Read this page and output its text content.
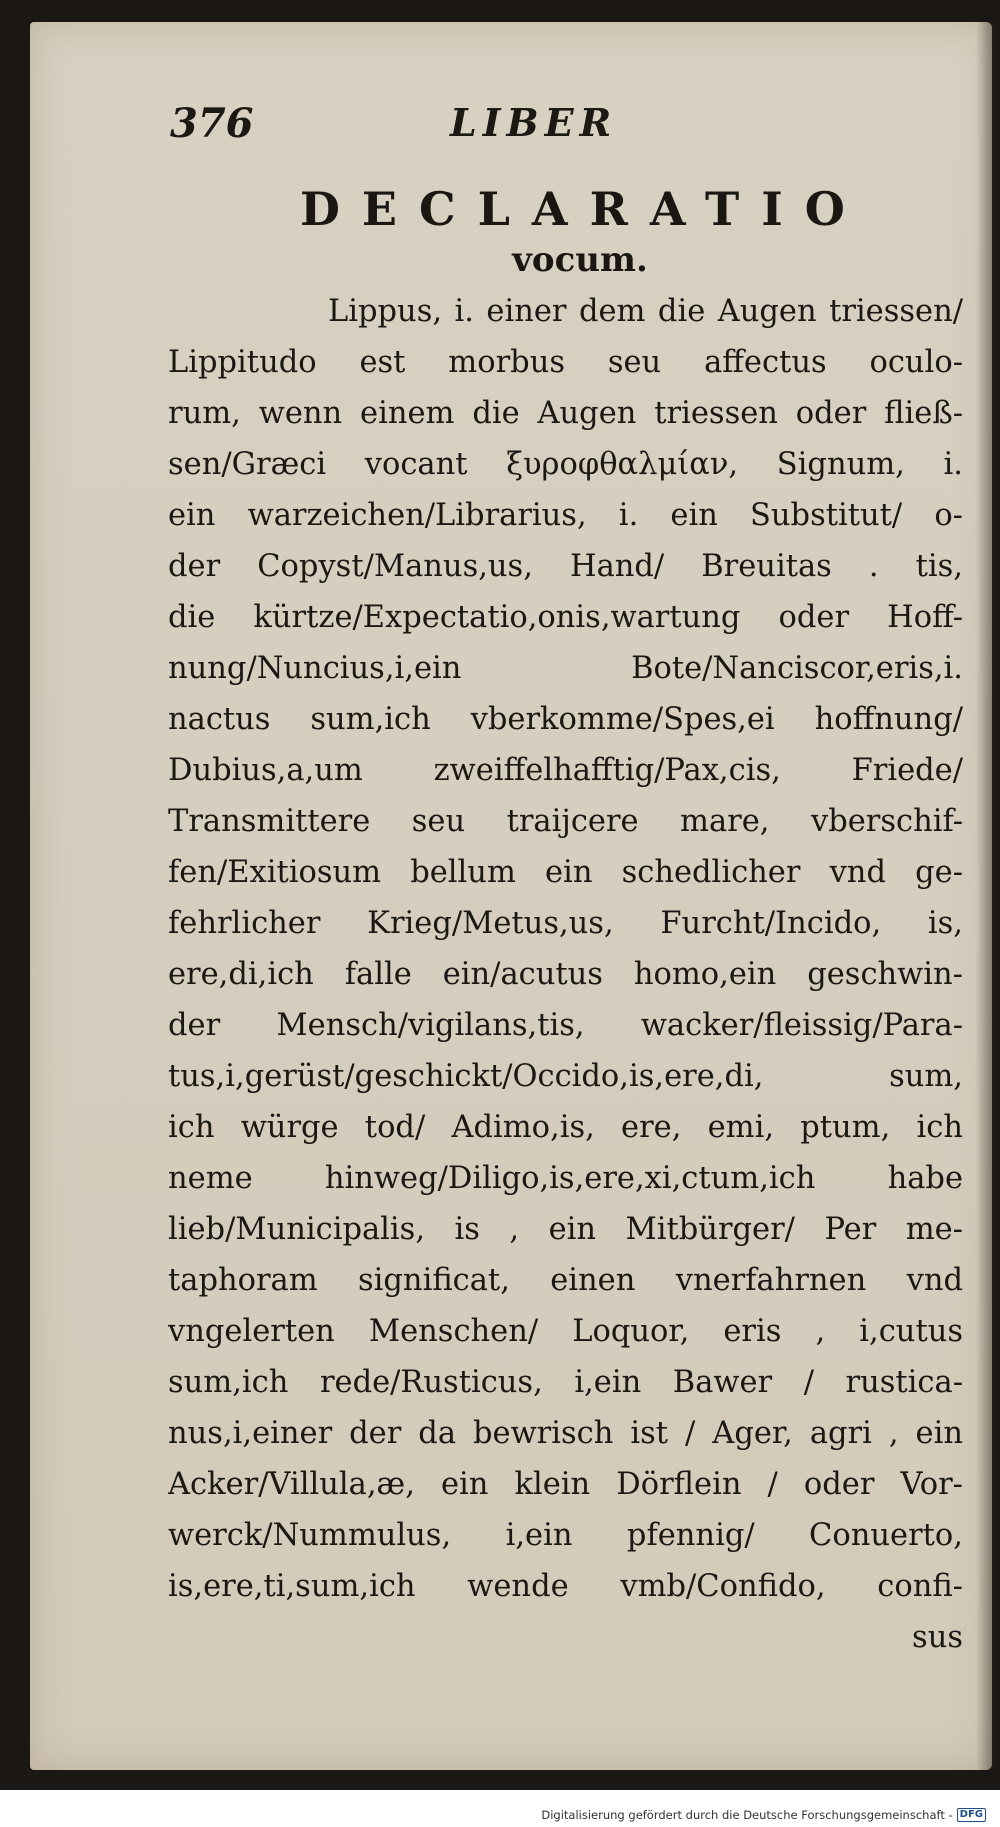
376	LIBER
DECLARATIO
vocum.
Lippus, i. einer dem die Augen triessen/
Lippitudo est morbus seu affectus oculo-
rum, wenn einem die Augen triessen oder fließ-
sen/Græci vocant ξυροφθαλμίαν, Signum, i.
ein warzeichen/Librarius, i. ein Substitut/ o-
der Copyst/Manus,us, Hand/ Breuitas . tis,
die kürtze/Expectatio,onis,wartung oder Hoff-
nung/Nuncius,i,ein Bote/Nanciscor,eris,i.
nactus sum,ich vberkomme/Spes,ei hoffnung/
Dubius,a,um zweiffelhafftig/Pax,cis, Friede/
Transmittere seu traijcere mare, vberschif-
fen/Exitiosum bellum ein schedlicher vnd ge-
fehrlicher Krieg/Metus,us, Furcht/Incido, is,
ere,di,ich falle ein/acutus homo,ein geschwin-
der Mensch/vigilans,tis, wacker/fleissig/Para-
tus,i,gerüst/geschickt/Occido,is,ere,di, sum,
ich würge tod/ Adimo,is, ere, emi, ptum, ich
neme hinweg/Diligo,is,ere,xi,ctum,ich habe
lieb/Municipalis, is , ein Mitbürger/ Per me-
taphoram significat, einen vnerfahrnen vnd
vngelerten Menschen/ Loquor, eris , i,cutus
sum,ich rede/Rusticus, i,ein Bawer / rustica-
nus,i,einer der da bewrisch ist / Ager, agri , ein
Acker/Villula,æ, ein klein Dörflein / oder Vor-
werck/Nummulus, i,ein pfennig/ Conuerto,
is,ere,ti,sum,ich wende vmb/Confido, confi-
sus
Digitalisierung gefördert durch die Deutsche Forschungsgemeinschaft - DFG
